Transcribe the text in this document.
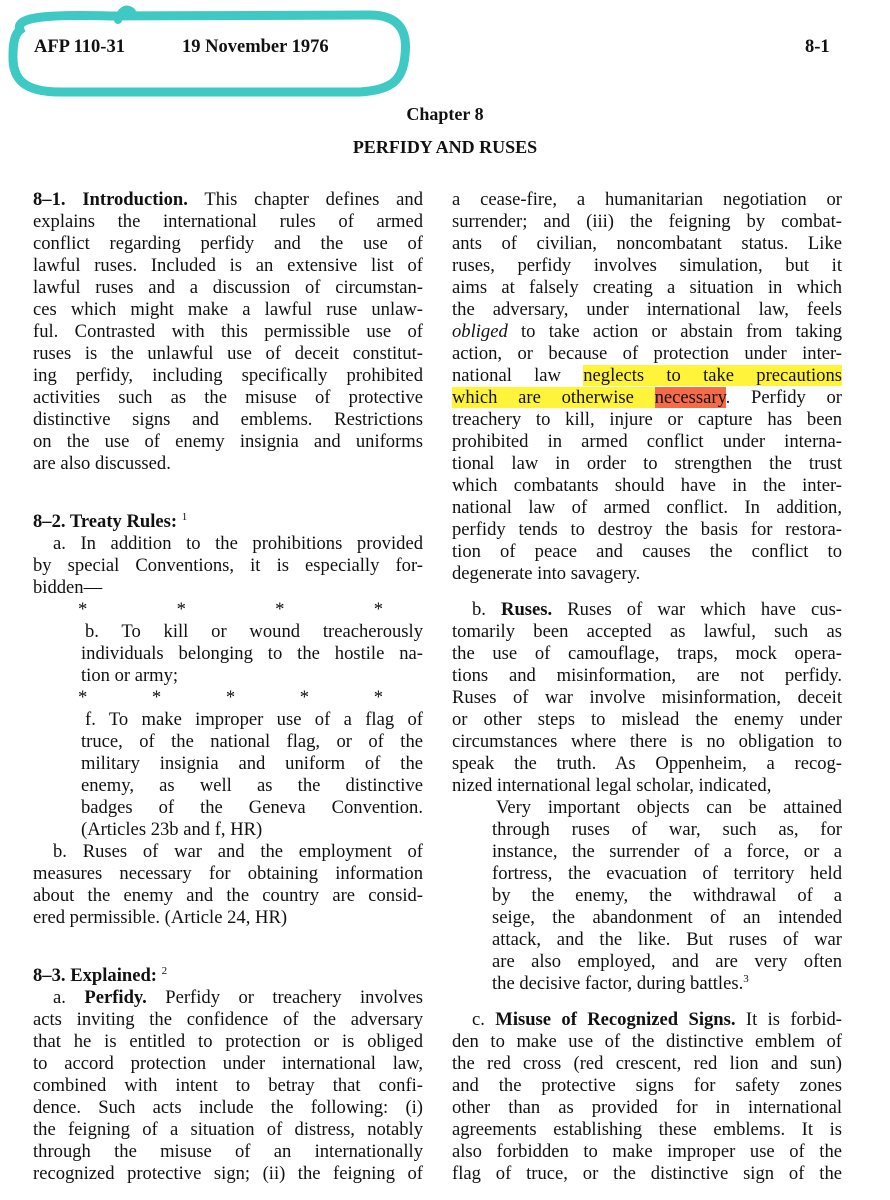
AFP 110-31	19 November 1976	8-1
Chapter 8
PERFIDY AND RUSES
8–1. Introduction. This chapter defines and
explains the international rules of armed
conflict regarding perfidy and the use of
lawful ruses. Included is an extensive list of
lawful ruses and a discussion of circumstan-
ces which might make a lawful ruse unlaw-
ful. Contrasted with this permissible use of
ruses is the unlawful use of deceit constitut-
ing perfidy, including specifically prohibited
activities such as the misuse of protective
distinctive signs and emblems. Restrictions
on the use of enemy insignia and uniforms
are also discussed.
8–2. Treaty Rules: $^1$
a. In addition to the prohibitions provided
by special Conventions, it is especially for-
bidden—
*	*	*	*
b. To kill or wound treacherously
individuals belonging to the hostile na-
tion or army;
*	*	*	*	*
f. To make improper use of a flag of
truce, of the national flag, or of the
military insignia and uniform of the
enemy, as well as the distinctive
badges of the Geneva Convention.
(Articles 23b and f, HR)
b. Ruses of war and the employment of
measures necessary for obtaining information
about the enemy and the country are consid-
ered permissible. (Article 24, HR)
8–3. Explained: $^2$
a. Perfidy. Perfidy or treachery involves
acts inviting the confidence of the adversary
that he is entitled to protection or is obliged
to accord protection under international law,
combined with intent to betray that confi-
dence. Such acts include the following: (i)
the feigning of a situation of distress, notably
through the misuse of an internationally
recognized protective sign; (ii) the feigning of
a cease-fire, a humanitarian negotiation or
surrender; and (iii) the feigning by combat-
ants of civilian, noncombatant status. Like
ruses, perfidy involves simulation, but it
aims at falsely creating a situation in which
the adversary, under international law, feels
obliged to take action or abstain from taking
action, or because of protection under inter-
national law neglects to take precautions
which are otherwise necessary. Perfidy or
treachery to kill, injure or capture has been
prohibited in armed conflict under interna-
tional law in order to strengthen the trust
which combatants should have in the inter-
national law of armed conflict. In addition,
perfidy tends to destroy the basis for restora-
tion of peace and causes the conflict to
degenerate into savagery.
b. Ruses. Ruses of war which have cus-
tomarily been accepted as lawful, such as
the use of camouflage, traps, mock opera-
tions and misinformation, are not perfidy.
Ruses of war involve misinformation, deceit
or other steps to mislead the enemy under
circumstances where there is no obligation to
speak the truth. As Oppenheim, a recog-
nized international legal scholar, indicated,
Very important objects can be attained
through ruses of war, such as, for
instance, the surrender of a force, or a
fortress, the evacuation of territory held
by the enemy, the withdrawal of a
seige, the abandonment of an intended
attack, and the like. But ruses of war
are also employed, and are very often
the decisive factor, during battles.$^3$
c. Misuse of Recognized Signs. It is forbid-
den to make use of the distinctive emblem of
the red cross (red crescent, red lion and sun)
and the protective signs for safety zones
other than as provided for in international
agreements establishing these emblems. It is
also forbidden to make improper use of the
flag of truce, or the distinctive sign of the
